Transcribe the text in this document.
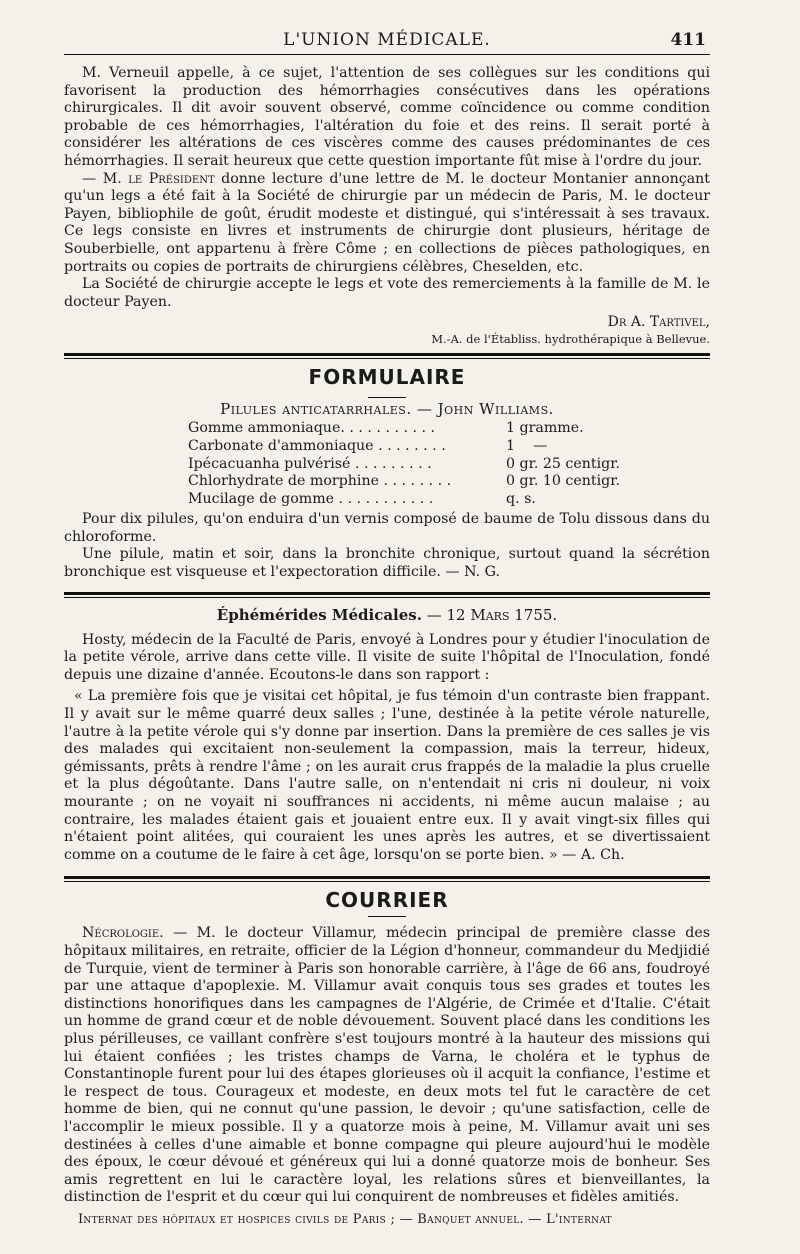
L'UNION MÉDICALE.	411

M. Verneuil appelle, à ce sujet, l'attention de ses collègues sur les conditions qui favorisent la production des hémorrhagies consécutives dans les opérations chirurgicales. Il dit avoir souvent observé, comme coïncidence ou comme condition probable de ces hémorrhagies, l'altération du foie et des reins. Il serait porté à considérer les altérations de ces viscères comme des causes prédominantes de ces hémorrhagies. Il serait heureux que cette question importante fût mise à l'ordre du jour.

— M. le Président donne lecture d'une lettre de M. le docteur Montanier annonçant qu'un legs a été fait à la Société de chirurgie par un médecin de Paris, M. le docteur Payen, bibliophile de goût, érudit modeste et distingué, qui s'intéressait à ses travaux. Ce legs consiste en livres et instruments de chirurgie dont plusieurs, héritage de Souberbielle, ont appartenu à frère Côme ; en collections de pièces pathologiques, en portraits ou copies de portraits de chirurgiens célèbres, Cheselden, etc.

La Société de chirurgie accepte le legs et vote des remerciements à la famille de M. le docteur Payen.

Dr A. Tartivel,
M.-A. de l'Établiss. hydrothérapique à Bellevue.
FORMULAIRE
Pilules anticatarrhales. — John Williams.
Gomme ammoniaque. . . . . . . . . . .	1 gramme.
Carbonate d'ammoniaque . . . . . . . .	1    —
Ipécacuanha pulvérisé . . . . . . . . .	0 gr. 25 centigr.
Chlorhydrate de morphine . . . . . . . .	0 gr. 10 centigr.
Mucilage de gomme . . . . . . . . . . .	q. s.

Pour dix pilules, qu'on enduira d'un vernis composé de baume de Tolu dissous dans du chloroforme.

Une pilule, matin et soir, dans la bronchite chronique, surtout quand la sécrétion bronchique est visqueuse et l'expectoration difficile. — N. G.

Éphémérides Médicales. — 12 Mars 1755.

Hosty, médecin de la Faculté de Paris, envoyé à Londres pour y étudier l'inoculation de la petite vérole, arrive dans cette ville. Il visite de suite l'hôpital de l'Inoculation, fondé depuis une dizaine d'année. Ecoutons-le dans son rapport :

« La première fois que je visitai cet hôpital, je fus témoin d'un contraste bien frappant. Il y avait sur le même quarré deux salles ; l'une, destinée à la petite vérole naturelle, l'autre à la petite vérole qui s'y donne par insertion. Dans la première de ces salles je vis des malades qui excitaient non-seulement la compassion, mais la terreur, hideux, gémissants, prêts à rendre l'âme ; on les aurait crus frappés de la maladie la plus cruelle et la plus dégoûtante. Dans l'autre salle, on n'entendait ni cris ni douleur, ni voix mourante ; on ne voyait ni souffrances ni accidents, ni même aucun malaise ; au contraire, les malades étaient gais et jouaient entre eux. Il y avait vingt-six filles qui n'étaient point alitées, qui couraient les unes après les autres, et se divertissaient comme on a coutume de le faire à cet âge, lorsqu'on se porte bien. » — A. Ch.

COURRIER

Nécrologie. — M. le docteur Villamur, médecin principal de première classe des hôpitaux militaires, en retraite, officier de la Légion d'honneur, commandeur du Medjidié de Turquie, vient de terminer à Paris son honorable carrière, à l'âge de 66 ans, foudroyé par une attaque d'apoplexie. M. Villamur avait conquis tous ses grades et toutes les distinctions honorifiques dans les campagnes de l'Algérie, de Crimée et d'Italie. C'était un homme de grand cœur et de noble dévouement. Souvent placé dans les conditions les plus périlleuses, ce vaillant confrère s'est toujours montré à la hauteur des missions qui lui étaient confiées ; les tristes champs de Varna, le choléra et le typhus de Constantinople furent pour lui des étapes glorieuses où il acquit la confiance, l'estime et le respect de tous. Courageux et modeste, en deux mots tel fut le caractère de cet homme de bien, qui ne connut qu'une passion, le devoir ; qu'une satisfaction, celle de l'accomplir le mieux possible. Il y a quatorze mois à peine, M. Villamur avait uni ses destinées à celles d'une aimable et bonne compagne qui pleure aujourd'hui le modèle des époux, le cœur dévoué et généreux qui lui a donné quatorze mois de bonheur. Ses amis regrettent en lui le caractère loyal, les relations sûres et bienveillantes, la distinction de l'esprit et du cœur qui lui conquirent de nombreuses et fidèles amitiés.

Internat des hôpitaux et hospices civils de Paris ; — Banquet annuel. — L'internat
